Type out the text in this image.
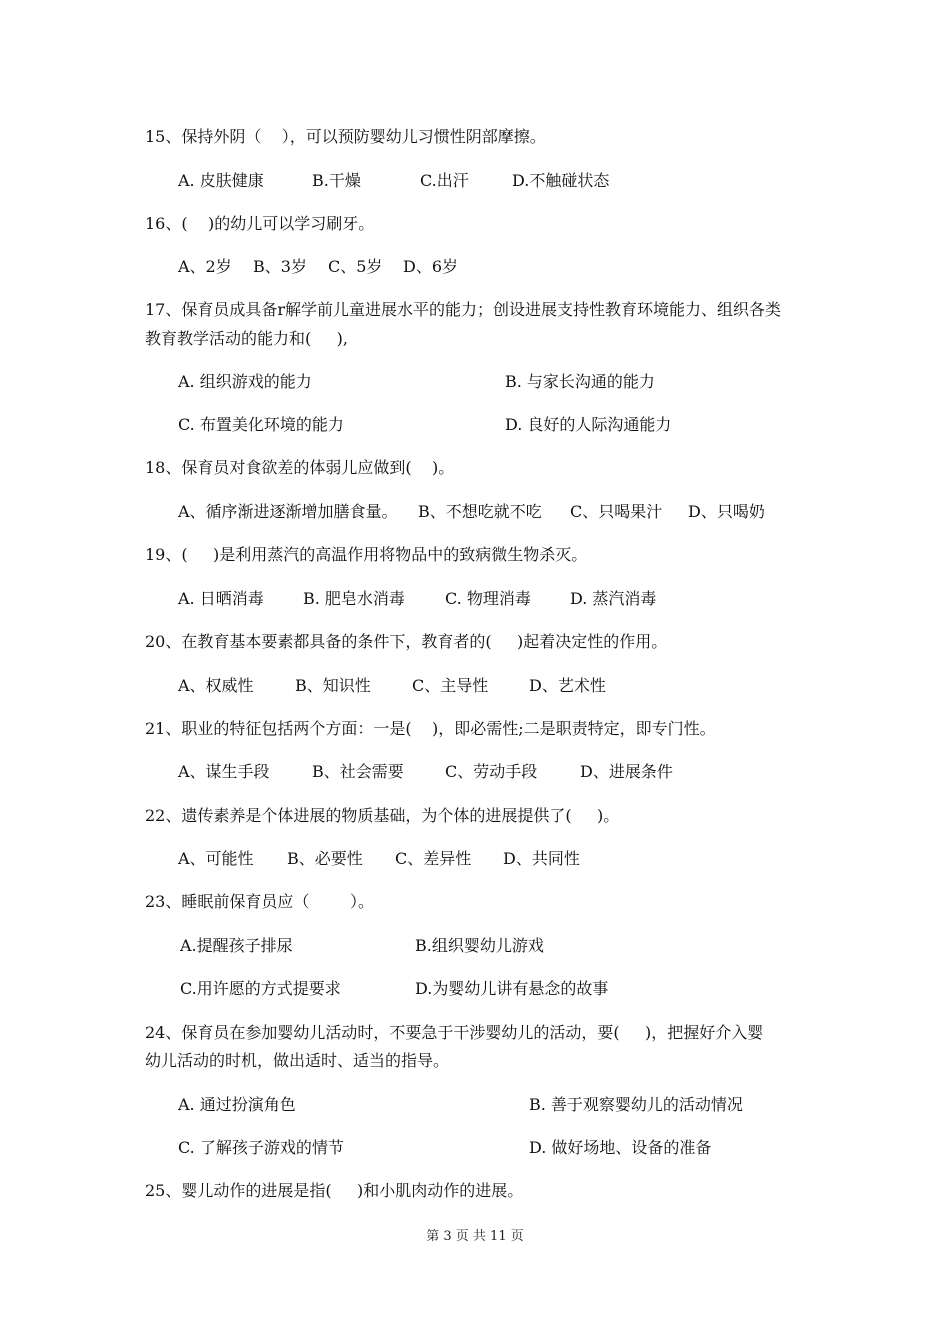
15、保持外阴（    ），可以预防婴幼儿习惯性阴部摩擦。
A. 皮肤健康	B.干燥	C.出汗	D.不触碰状态
16、(    )的幼儿可以学习刷牙。
A、2岁 B、3岁 C、5岁 D、6岁
17、保育员成具备r解学前儿童进展水平的能力；创设进展支持性教育环境能力、组织各类
教育教学活动的能力和(     ),
A. 组织游戏的能力	B. 与家长沟通的能力
C. 布置美化环境的能力	D. 良好的人际沟通能力
18、保育员对食欲差的体弱儿应做到(    )。
A、循序渐进逐渐增加膳食量。 B、不想吃就不吃 C、只喝果汁 D、只喝奶
19、(     )是利用蒸汽的高温作用将物品中的致病微生物杀灭。
A. 日晒消毒 B. 肥皂水消毒	C. 物理消毒 D. 蒸汽消毒
20、在教育基本要素都具备的条件下，教育者的(     )起着决定性的作用。
A、权威性	B、知识性	C、主导性	D、艺术性
21、职业的特征包括两个方面：一是(    )，即必需性;二是职责特定，即专门性。
A、谋生手段	B、社会需要	C、劳动手段	D、进展条件
22、遗传素养是个体进展的物质基础，为个体的进展提供了(     )。
A、可能性 B、必要性 C、差异性 D、共同性
23、睡眠前保育员应（        ）。
A.提醒孩子排尿	B.组织婴幼儿游戏
C.用许愿的方式提要求	D.为婴幼儿讲有悬念的故事
24、保育员在参加婴幼儿活动时，不要急于干涉婴幼儿的活动，要(     )，把握好介入婴
幼儿活动的时机，做出适时、适当的指导。
A. 通过扮演角色	B. 善于观察婴幼儿的活动情况
C. 了解孩子游戏的情节	D. 做好场地、设备的准备
25、婴儿动作的进展是指(     )和小肌肉动作的进展。
第 3 页 共 11 页
